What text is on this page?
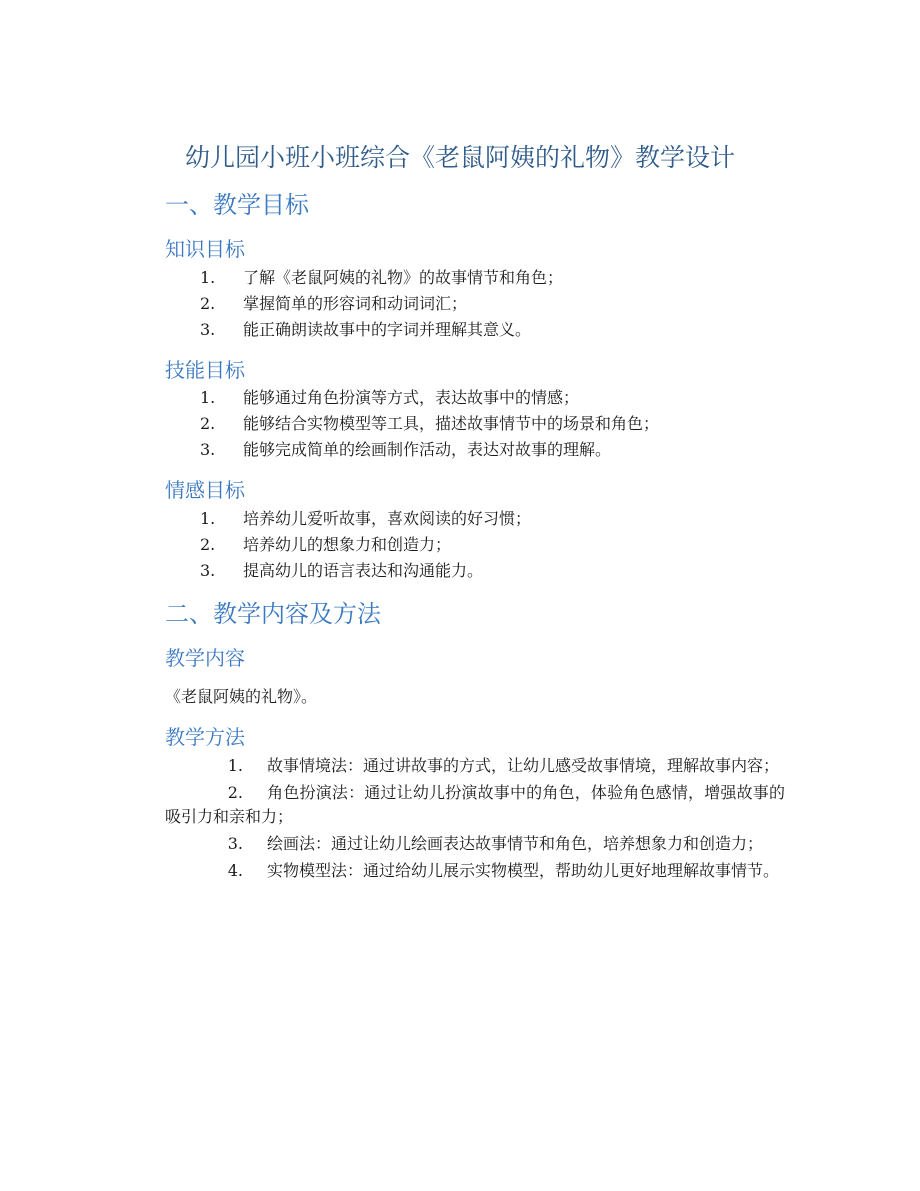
幼儿园小班小班综合《老鼠阿姨的礼物》教学设计
一、教学目标
知识目标
1.	了解《老鼠阿姨的礼物》的故事情节和角色；
2.	掌握简单的形容词和动词词汇；
3.	能正确朗读故事中的字词并理解其意义。
技能目标
1.	能够通过角色扮演等方式，表达故事中的情感；
2.	能够结合实物模型等工具，描述故事情节中的场景和角色；
3.	能够完成简单的绘画制作活动，表达对故事的理解。
情感目标
1.	培养幼儿爱听故事，喜欢阅读的好习惯；
2.	培养幼儿的想象力和创造力；
3.	提高幼儿的语言表达和沟通能力。
二、教学内容及方法
教学内容

《老鼠阿姨的礼物》。

教学方法
1. 故事情境法：通过讲故事的方式，让幼儿感受故事情境，理解故事内容；
2. 角色扮演法：通过让幼儿扮演故事中的角色，体验角色感情，增强故事的吸引力和亲和力；
3. 绘画法：通过让幼儿绘画表达故事情节和角色，培养想象力和创造力；
4. 实物模型法：通过给幼儿展示实物模型，帮助幼儿更好地理解故事情节。
